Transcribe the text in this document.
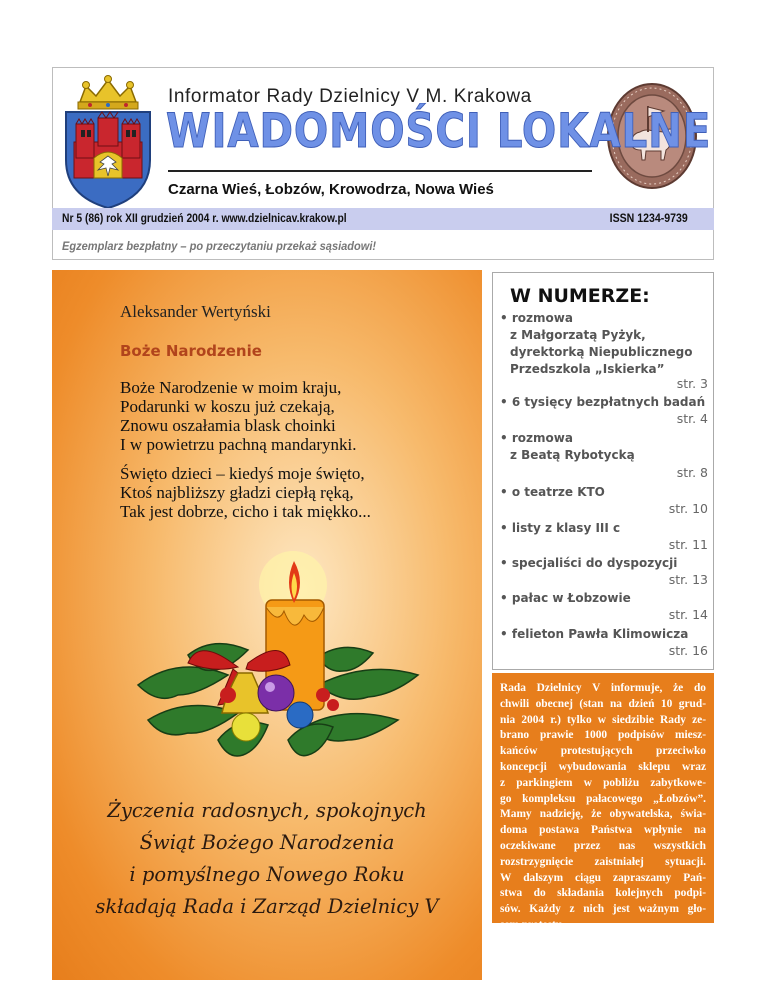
Informator Rady Dzielnicy V M. Krakowa
WIADOMOŚCI LOKALNE
Czarna Wieś, Łobzów, Krowodrza, Nowa Wieś
Nr 5 (86) rok XII grudzień 2004 r. www.dzielnicav.krakow.pl	ISSN 1234-9739
Egzemplarz bezpłatny – po przeczytaniu przekaż sąsiadowi!
Aleksander Wertyński
Boże Narodzenie
Boże Narodzenie w moim kraju,
Podarunki w koszu już czekają,
Znowu oszałamia blask choinki
I w powietrzu pachną mandarynki.
Święto dzieci – kiedyś moje święto,
Ktoś najbliższy gładzi ciepłą ręką,
Tak jest dobrze, cicho i tak miękko...
Życzenia radosnych, spokojnych
Świąt Bożego Narodzenia
i pomyślnego Nowego Roku
składają Rada i Zarząd Dzielnicy V
W NUMERZE:
• rozmowa
z Małgorzatą Pyżyk,
dyrektorką Niepublicznego
Przedszkola „Iskierka”
str. 3
• 6 tysięcy bezpłatnych badań
str. 4
• rozmowa
z Beatą Rybotycką
str. 8
• o teatrze KTO
str. 10
• listy z klasy III c
str. 11
• specjaliści do dyspozycji
str. 13
• pałac w Łobzowie
str. 14
• felieton Pawła Klimowicza
str. 16
Rada Dzielnicy V informuje, że do
chwili obecnej (stan na dzień 10 grud-
nia 2004 r.) tylko w siedzibie Rady ze-
brano prawie 1000 podpisów miesz-
kańców protestujących przeciwko
koncepcji wybudowania sklepu wraz
z parkingiem w pobliżu zabytkowe-
go kompleksu pałacowego „Łobzów”.
Mamy nadzieję, że obywatelska, świa-
doma postawa Państwa wpłynie na
oczekiwane przez nas wszystkich
rozstrzygnięcie zaistniałej sytuacji.
W dalszym ciągu zapraszamy Pań-
stwa do składania kolejnych podpi-
sów. Każdy z nich jest ważnym gło-
sem protestu.
